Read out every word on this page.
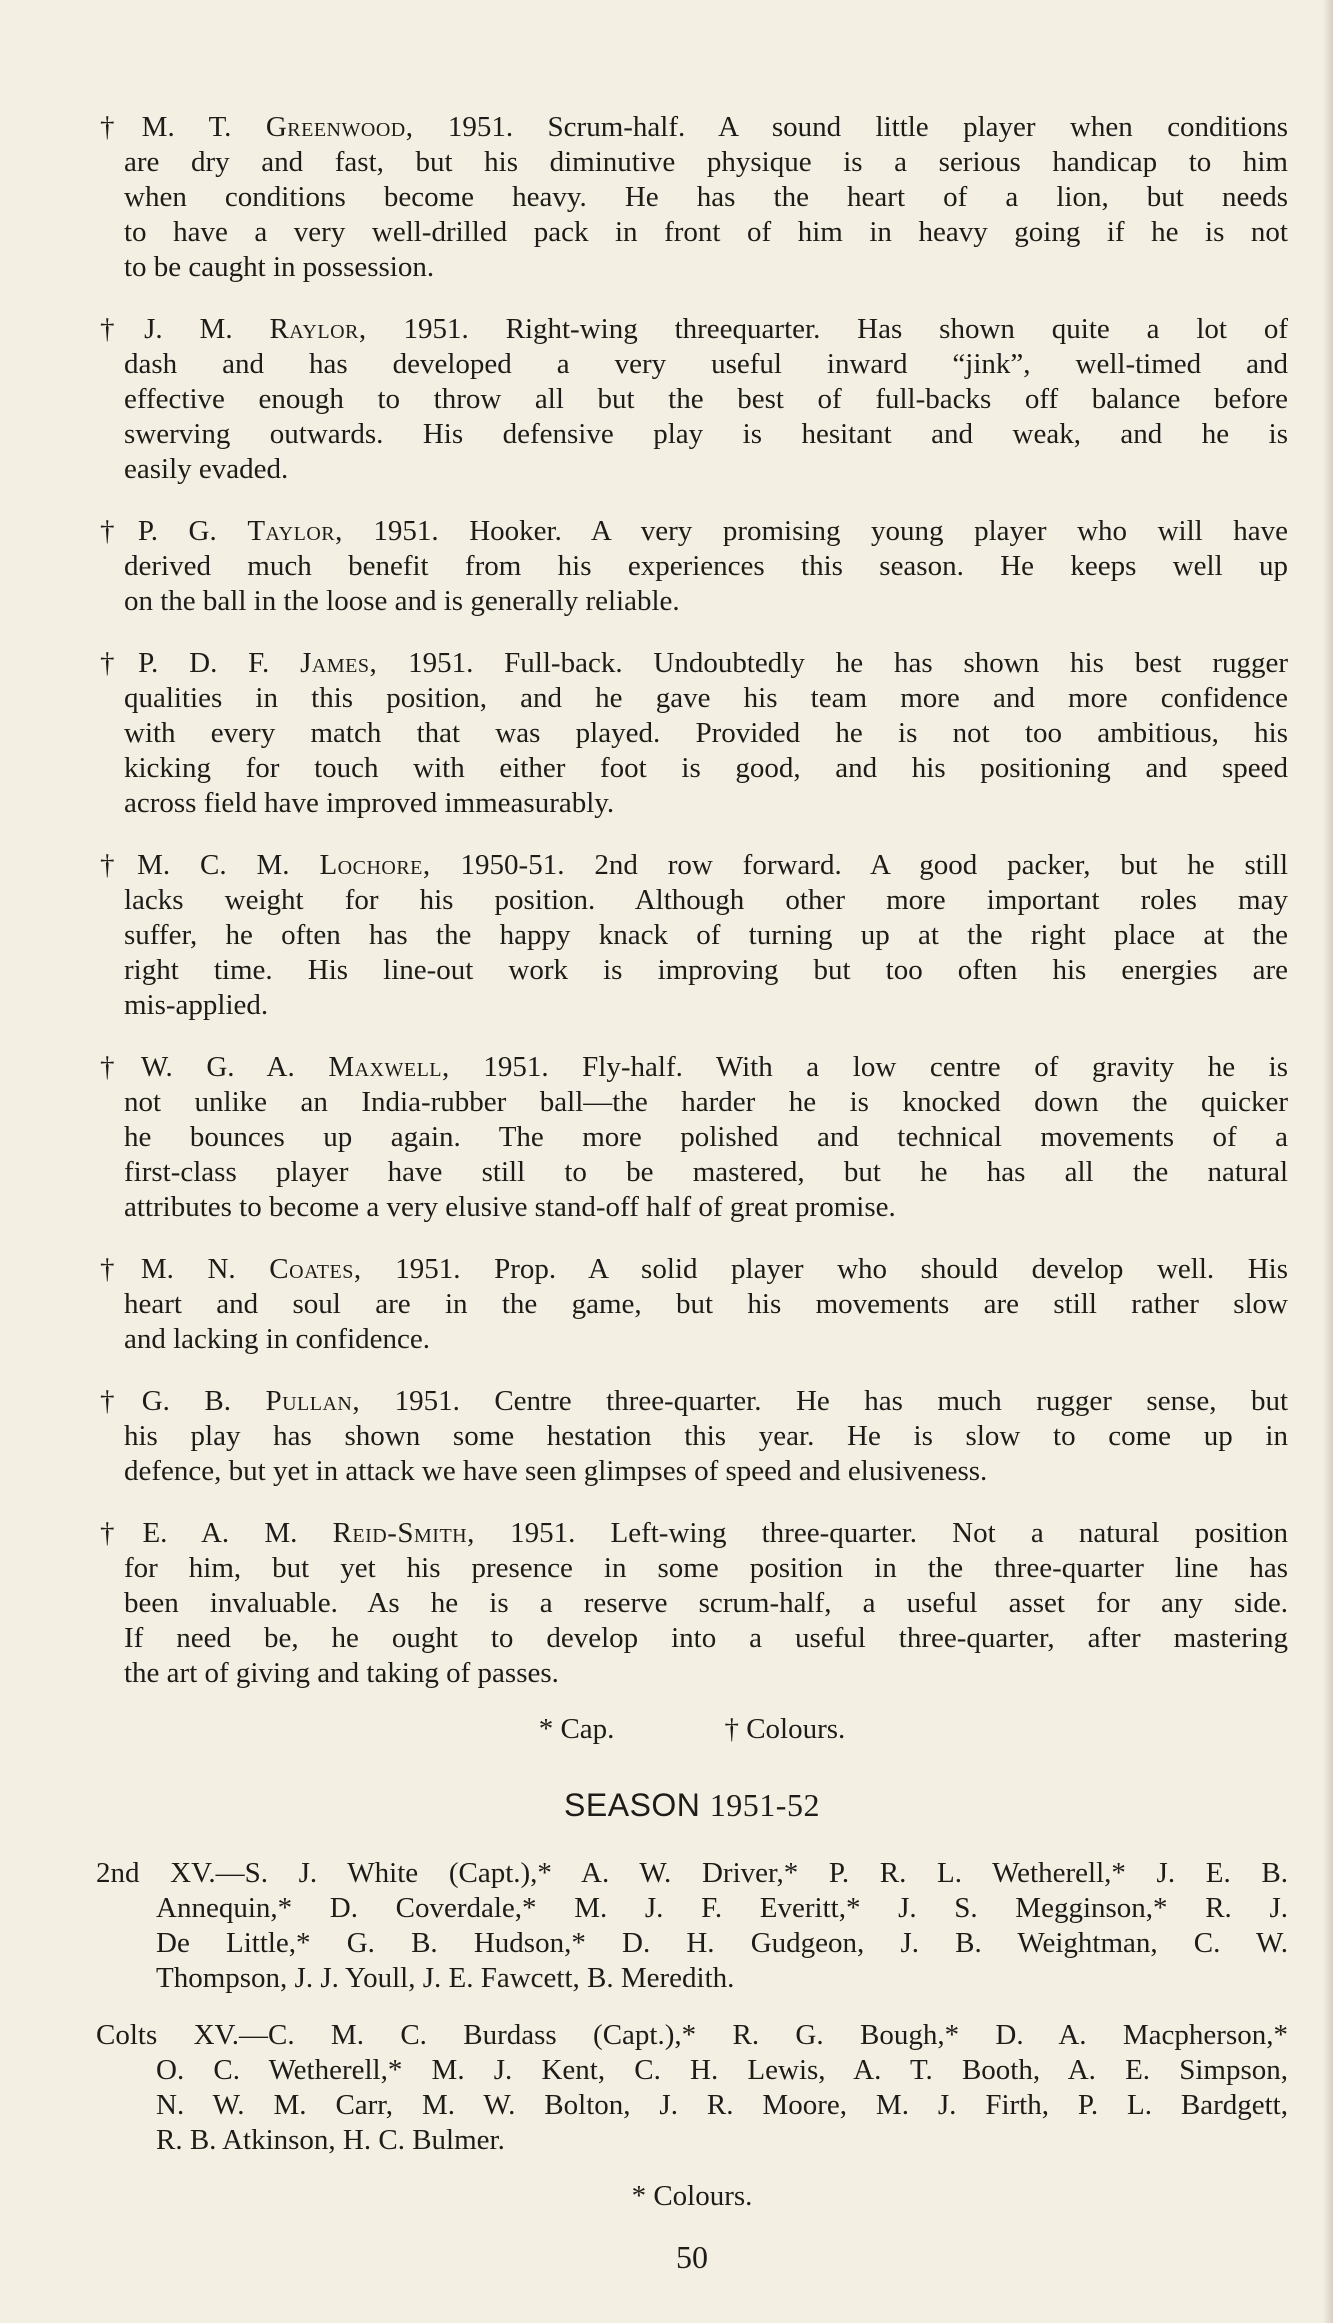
†M. T. Greenwood, 1951. Scrum-half. A sound little player when conditions
are dry and fast, but his diminutive physique is a serious handicap to him
when conditions become heavy. He has the heart of a lion, but needs
to have a very well-drilled pack in front of him in heavy going if he is not
to be caught in possession.
†J. M. Raylor, 1951. Right-wing threequarter. Has shown quite a lot of
dash and has developed a very useful inward “jink”, well-timed and
effective enough to throw all but the best of full-backs off balance before
swerving outwards. His defensive play is hesitant and weak, and he is
easily evaded.
†P. G. Taylor, 1951. Hooker. A very promising young player who will have
derived much benefit from his experiences this season. He keeps well up
on the ball in the loose and is generally reliable.
†P. D. F. James, 1951. Full-back. Undoubtedly he has shown his best rugger
qualities in this position, and he gave his team more and more confidence
with every match that was played. Provided he is not too ambitious, his
kicking for touch with either foot is good, and his positioning and speed
across field have improved immeasurably.
†M. C. M. Lochore, 1950-51. 2nd row forward. A good packer, but he still
lacks weight for his position. Although other more important roles may
suffer, he often has the happy knack of turning up at the right place at the
right time. His line-out work is improving but too often his energies are
mis-applied.
†W. G. A. Maxwell, 1951. Fly-half. With a low centre of gravity he is
not unlike an India-rubber ball—the harder he is knocked down the quicker
he bounces up again. The more polished and technical movements of a
first-class player have still to be mastered, but he has all the natural
attributes to become a very elusive stand-off half of great promise.
†M. N. Coates, 1951. Prop. A solid player who should develop well. His
heart and soul are in the game, but his movements are still rather slow
and lacking in confidence.
†G. B. Pullan, 1951. Centre three-quarter. He has much rugger sense, but
his play has shown some hestation this year. He is slow to come up in
defence, but yet in attack we have seen glimpses of speed and elusiveness.
†E. A. M. Reid-Smith, 1951. Left-wing three-quarter. Not a natural position
for him, but yet his presence in some position in the three-quarter line has
been invaluable. As he is a reserve scrum-half, a useful asset for any side.
If need be, he ought to develop into a useful three-quarter, after mastering
the art of giving and taking of passes.
* Cap.	† Colours.
SEASON 1951-52
2nd XV.—S. J. White (Capt.),* A. W. Driver,* P. R. L. Wetherell,* J. E. B.
Annequin,* D. Coverdale,* M. J. F. Everitt,* J. S. Megginson,* R. J.
De Little,* G. B. Hudson,* D. H. Gudgeon, J. B. Weightman, C. W.
Thompson, J. J. Youll, J. E. Fawcett, B. Meredith.
Colts XV.—C. M. C. Burdass (Capt.),* R. G. Bough,* D. A. Macpherson,*
O. C. Wetherell,* M. J. Kent, C. H. Lewis, A. T. Booth, A. E. Simpson,
N. W. M. Carr, M. W. Bolton, J. R. Moore, M. J. Firth, P. L. Bardgett,
R. B. Atkinson, H. C. Bulmer.
* Colours.
50
